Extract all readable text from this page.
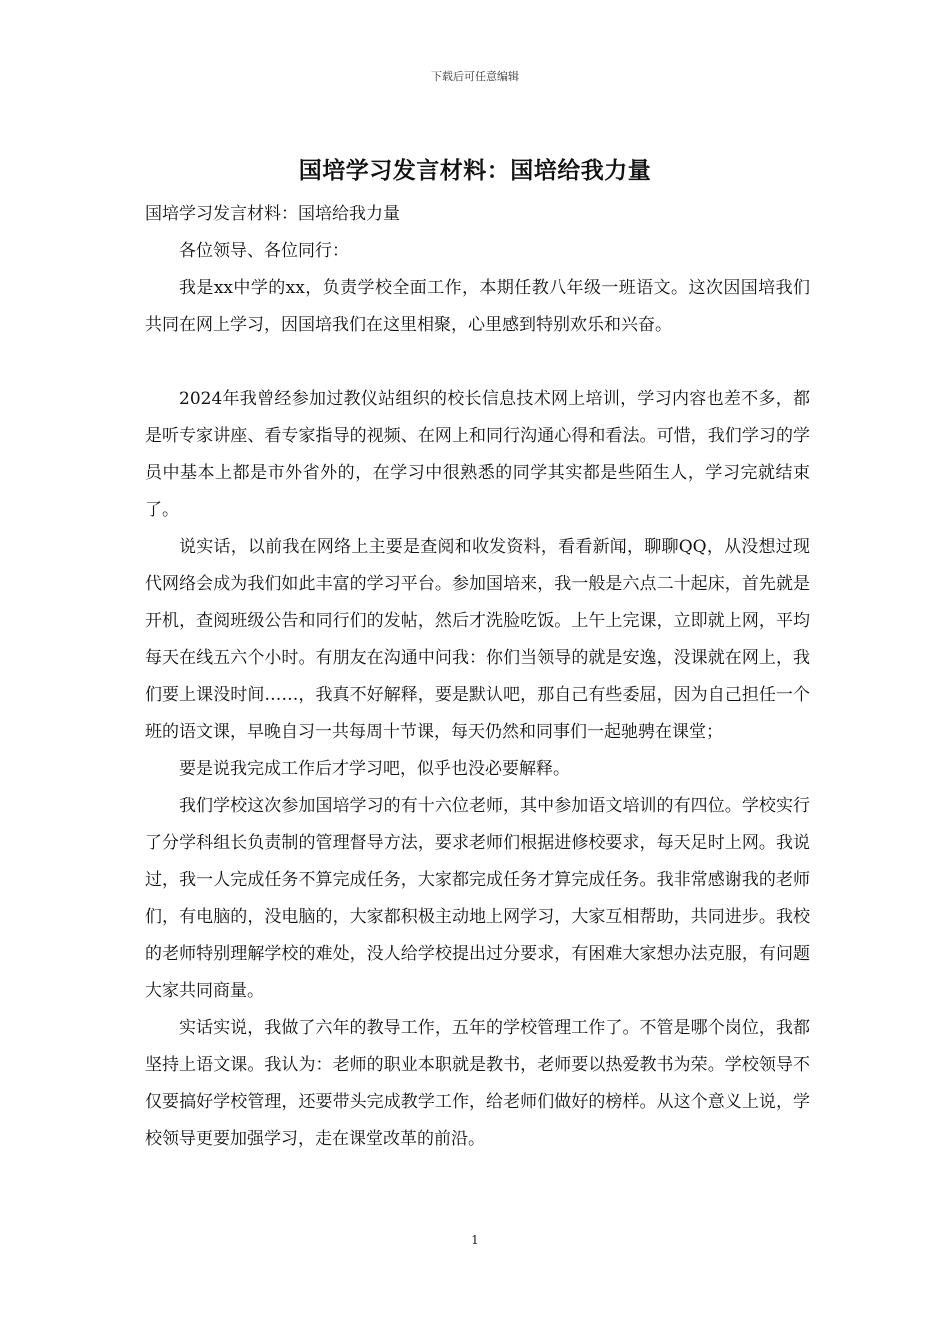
下载后可任意编辑
国培学习发言材料：国培给我力量

国培学习发言材料：国培给我力量

各位领导、各位同行：

我是xx中学的xx，负责学校全面工作，本期任教八年级一班语文。这次因国培我们共同在网上学习，因国培我们在这里相聚，心里感到特别欢乐和兴奋。

2024年我曾经参加过教仪站组织的校长信息技术网上培训，学习内容也差不多，都是听专家讲座、看专家指导的视频、在网上和同行沟通心得和看法。可惜，我们学习的学员中基本上都是市外省外的，在学习中很熟悉的同学其实都是些陌生人，学习完就结束了。

说实话，以前我在网络上主要是查阅和收发资料，看看新闻，聊聊QQ，从没想过现代网络会成为我们如此丰富的学习平台。参加国培来，我一般是六点二十起床，首先就是开机，查阅班级公告和同行们的发帖，然后才洗脸吃饭。上午上完课，立即就上网，平均每天在线五六个小时。有朋友在沟通中问我：你们当领导的就是安逸，没课就在网上，我们要上课没时间……，我真不好解释，要是默认吧，那自己有些委屈，因为自己担任一个班的语文课，早晚自习一共每周十节课，每天仍然和同事们一起驰骋在课堂；

要是说我完成工作后才学习吧，似乎也没必要解释。

我们学校这次参加国培学习的有十六位老师，其中参加语文培训的有四位。学校实行了分学科组长负责制的管理督导方法，要求老师们根据进修校要求，每天足时上网。我说过，我一人完成任务不算完成任务，大家都完成任务才算完成任务。我非常感谢我的老师们，有电脑的，没电脑的，大家都积极主动地上网学习，大家互相帮助，共同进步。我校的老师特别理解学校的难处，没人给学校提出过分要求，有困难大家想办法克服，有问题大家共同商量。

实话实说，我做了六年的教导工作，五年的学校管理工作了。不管是哪个岗位，我都坚持上语文课。我认为：老师的职业本职就是教书，老师要以热爱教书为荣。学校领导不仅要搞好学校管理，还要带头完成教学工作，给老师们做好的榜样。从这个意义上说，学校领导更要加强学习，走在课堂改革的前沿。

1
